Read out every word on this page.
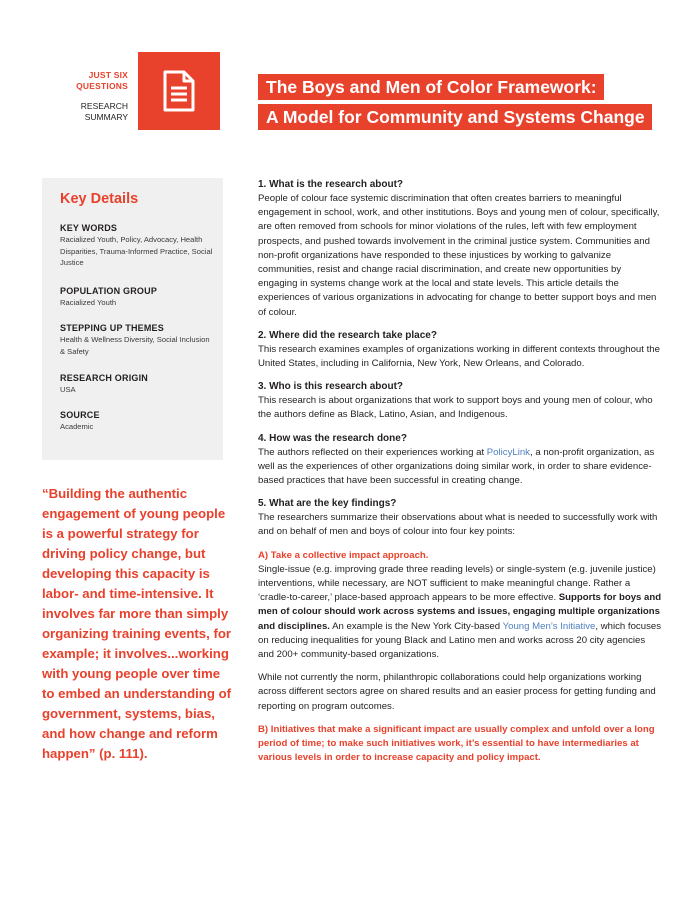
JUST SIX QUESTIONS
RESEARCH SUMMARY
The Boys and Men of Color Framework:
A Model for Community and Systems Change
Key Details
KEY WORDS
Racialized Youth, Policy, Advocacy, Health Disparities, Trauma-Informed Practice, Social Justice
POPULATION GROUP
Racialized Youth
STEPPING UP THEMES
Health & Wellness Diversity, Social Inclusion & Safety
RESEARCH ORIGIN
USA
SOURCE
Academic

“Building the authentic engagement of young people is a powerful strategy for driving policy change, but developing this capacity is labor- and time-intensive. It involves far more than simply organizing training events, for example; it involves...working with young people over time to embed an understanding of government, systems, bias, and how change and reform happen” (p. 111).

1. What is the research about?

People of colour face systemic discrimination that often creates barriers to meaningful engagement in school, work, and other institutions. Boys and young men of colour, specifically, are often removed from schools for minor violations of the rules, left with few employment prospects, and pushed towards involvement in the criminal justice system. Communities and non-profit organizations have responded to these injustices by working to galvanize communities, resist and change racial discrimination, and create new opportunities by engaging in systems change work at the local and state levels. This article details the experiences of various organizations in advocating for change to better support boys and men of colour.

2. Where did the research take place?

This research examines examples of organizations working in different contexts throughout the United States, including in California, New York, New Orleans, and Colorado.

3. Who is this research about?

This research is about organizations that work to support boys and young men of colour, who the authors define as Black, Latino, Asian, and Indigenous.

4. How was the research done?

The authors reflected on their experiences working at PolicyLink, a non-profit organization, as well as the experiences of other organizations doing similar work, in order to share evidence-based practices that have been successful in creating change.

5. What are the key findings?

The researchers summarize their observations about what is needed to successfully work with and on behalf of men and boys of colour into four key points:

A) Take a collective impact approach.

Single-issue (e.g. improving grade three reading levels) or single-system (e.g. juvenile justice) interventions, while necessary, are NOT sufficient to make meaningful change. Rather a ‘cradle-to-career,’ place-based approach appears to be more effective. Supports for boys and men of colour should work across systems and issues, engaging multiple organizations and disciplines. An example is the New York City-based Young Men’s Initiative, which focuses on reducing inequalities for young Black and Latino men and works across 20 city agencies and 200+ community-based organizations.

While not currently the norm, philanthropic collaborations could help organizations working across different sectors agree on shared results and an easier process for getting funding and reporting on program outcomes.

B) Initiatives that make a significant impact are usually complex and unfold over a long period of time; to make such initiatives work, it’s essential to have intermediaries at various levels in order to increase capacity and policy impact.
